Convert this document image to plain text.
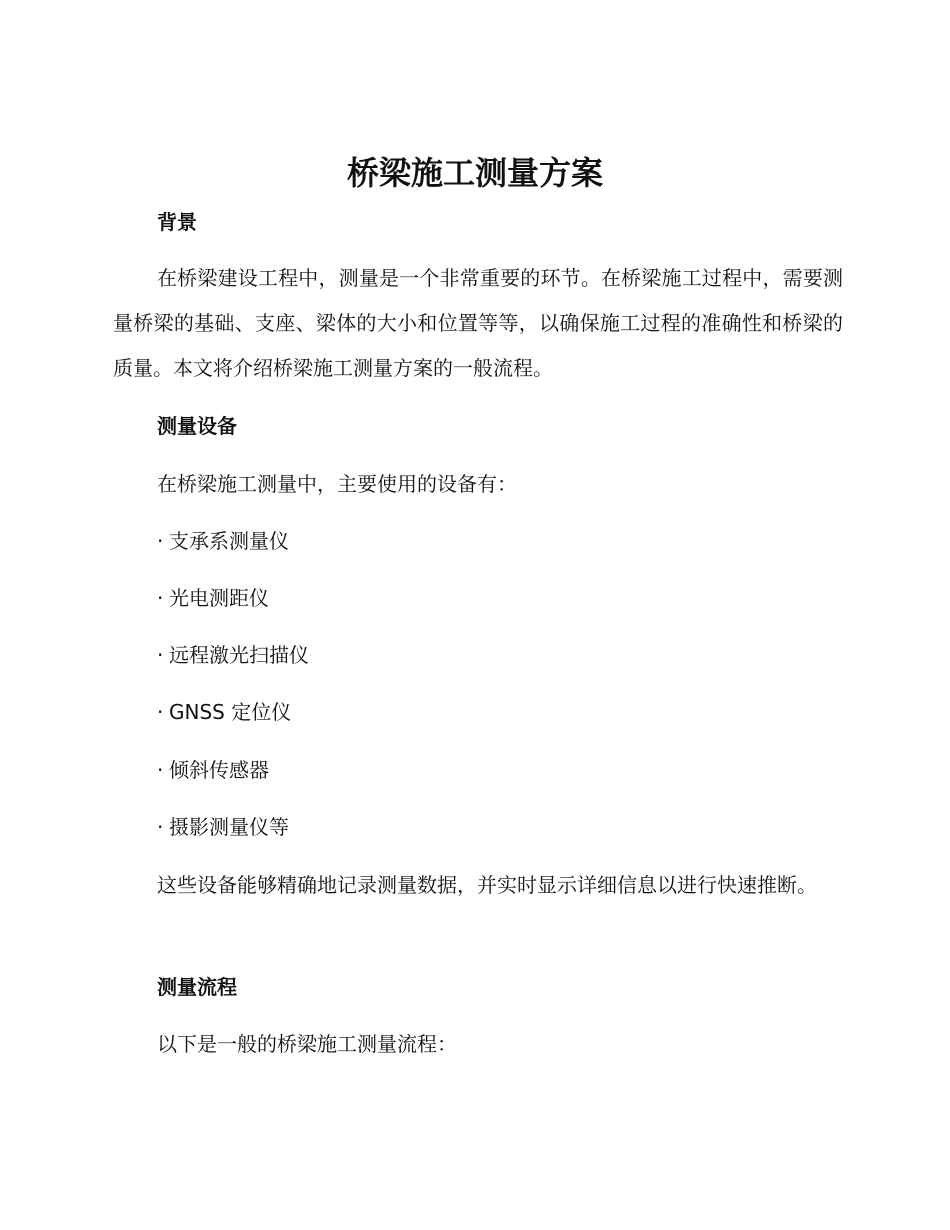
桥梁施工测量方案
背景

在桥梁建设工程中，测量是一个非常重要的环节。在桥梁施工过程中，需要测量桥梁的基础、支座、梁体的大小和位置等等，以确保施工过程的准确性和桥梁的质量。本文将介绍桥梁施工测量方案的一般流程。

测量设备

在桥梁施工测量中，主要使用的设备有：

· 支承系测量仪

· 光电测距仪

· 远程激光扫描仪

· GNSS 定位仪

· 倾斜传感器

· 摄影测量仪等

这些设备能够精确地记录测量数据，并实时显示详细信息以进行快速推断。

测量流程

以下是一般的桥梁施工测量流程：
